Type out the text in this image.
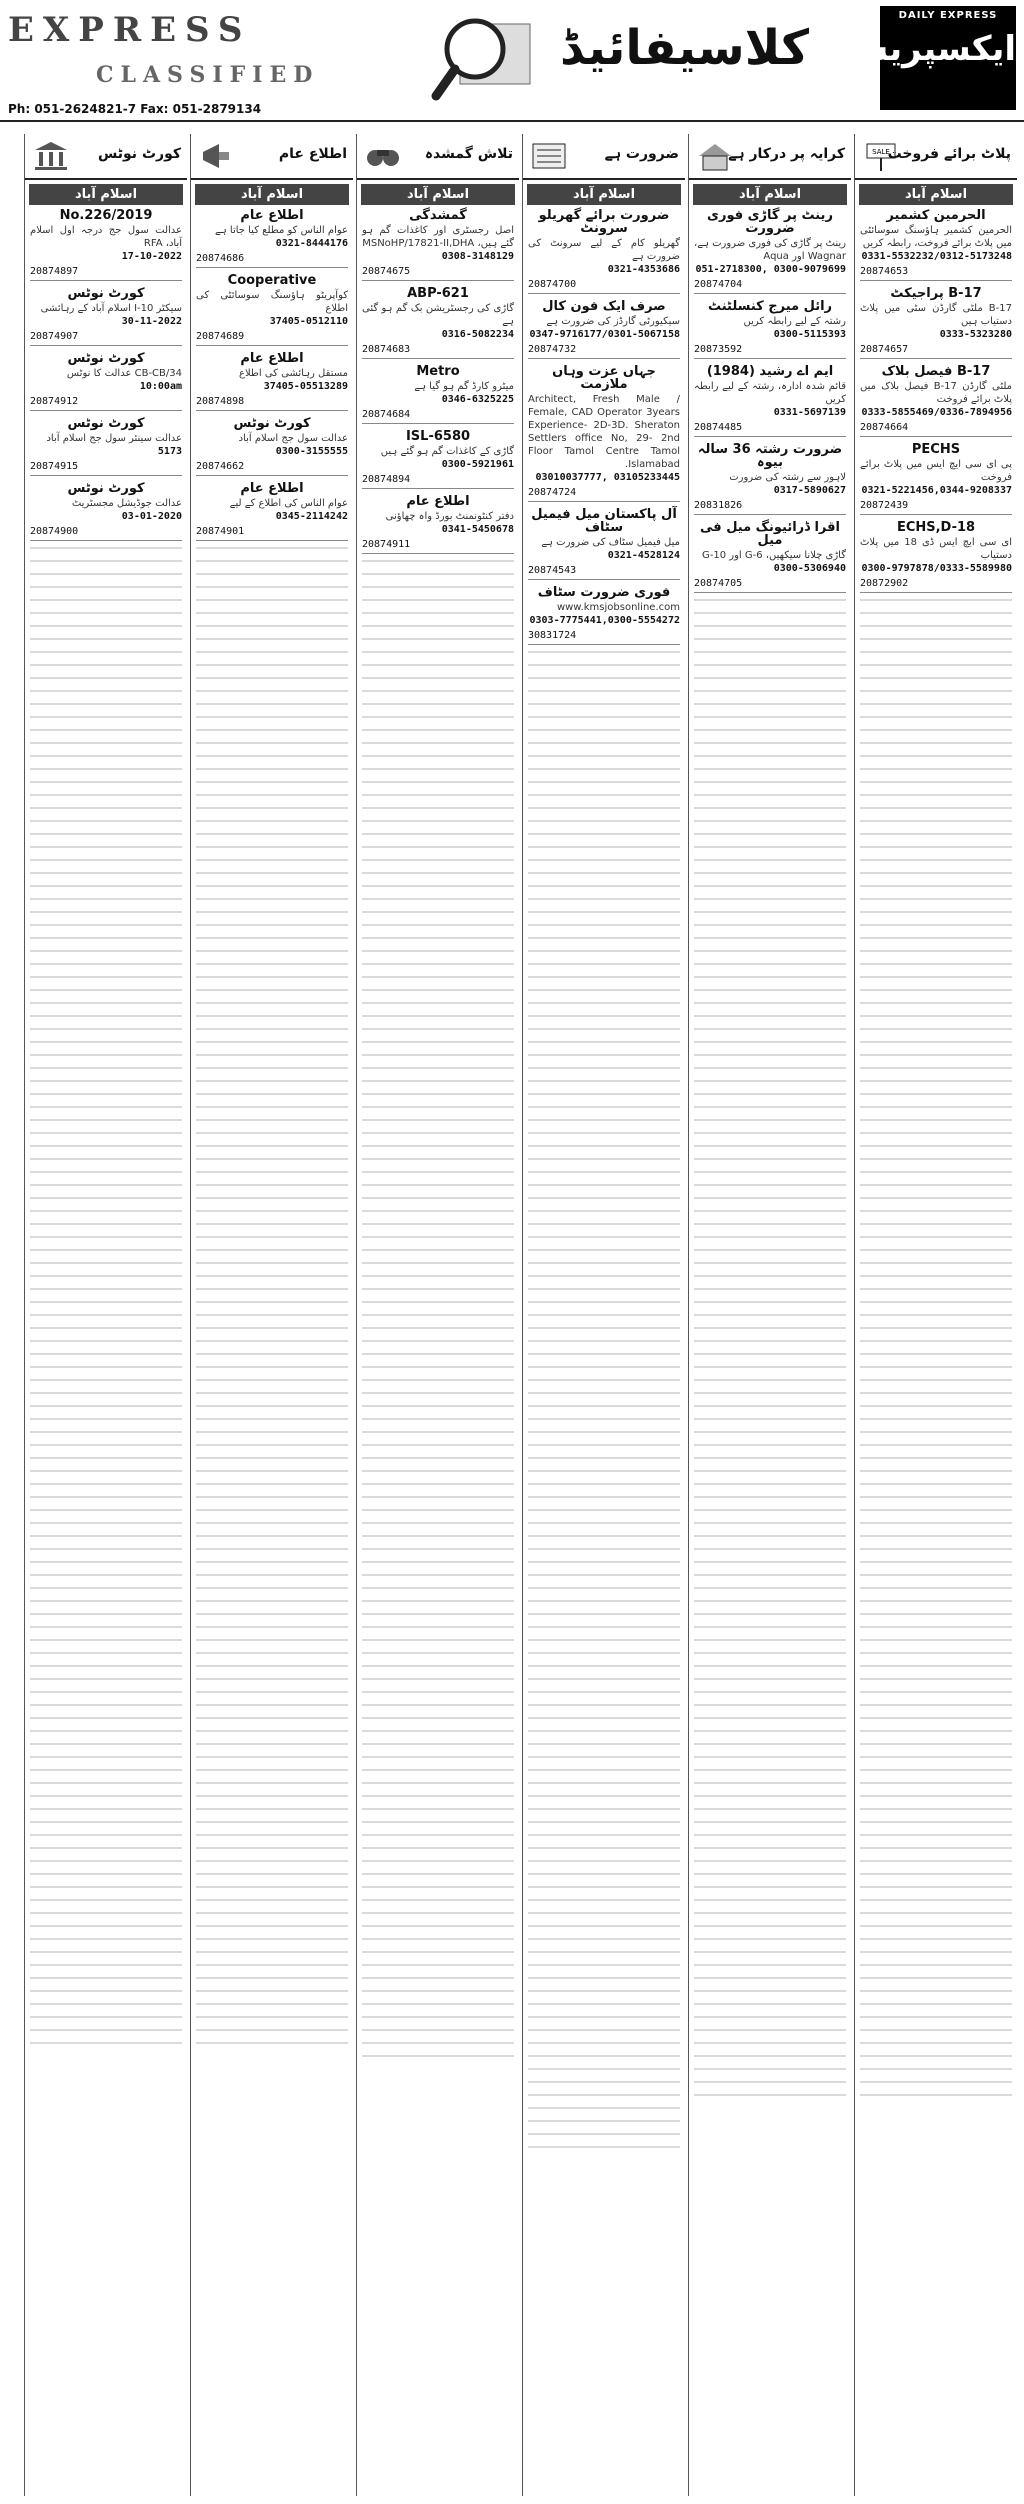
EXPRESS
CLASSIFIED
Ph: 051-2624821-7 Fax: 051-2879134
کلاسیفائیڈ
DAILY EXPRESS
ایکسپریس
SALE
پلاٹ برائے فروخت
اسلام آباد
الحرمین کشمیر
الحرمین کشمیر ہاؤسنگ سوسائٹی میں پلاٹ برائے فروخت، رابطہ کریں
0331-5532232/0312-5173248
20874653
B-17 پراجیکٹ
B-17 ملٹی گارڈن سٹی میں پلاٹ دستیاب ہیں
0333-5323280
20874657
B-17 فیصل بلاک
ملٹی گارڈن B-17 فیصل بلاک میں پلاٹ برائے فروخت
0333-5855469/0336-7894956
20874664
PECHS
پی ای سی ایچ ایس میں پلاٹ برائے فروخت
0321-5221456,0344-9208337
20872439
ECHS,D-18
ای سی ایچ ایس ڈی 18 میں پلاٹ دستیاب
0300-9797878/0333-5589980
20872902
کرایہ پر درکار ہے
اسلام آباد
رینٹ پر گاڑی فوری ضرورت
رینٹ پر گاڑی کی فوری ضرورت ہے، Wagnar اور Aqua
051-2718300, 0300-9079699
20874704
رائل میرج کنسلٹنٹ
رشتہ کے لیے رابطہ کریں
0300-5115393
20873592
ایم اے رشید (1984)
قائم شدہ ادارہ، رشتہ کے لیے رابطہ کریں
0331-5697139
20874485
ضرورت رشتہ 36 سالہ بیوہ
لاہور سے رشتہ کی ضرورت
0317-5890627
20831826
اقرا ڈرائیونگ میل فی میل
گاڑی چلانا سیکھیں، G-6 اور G-10
0300-5306940
20874705
ضرورت ہے
اسلام آباد
ضرورت برائے گھریلو سرونٹ
گھریلو کام کے لیے سرونٹ کی ضرورت ہے
0321-4353686
20874700
صرف ایک فون کال
سیکیورٹی گارڈز کی ضرورت ہے
0347-9716177/0301-5067158
20874732
جہاں عزت وہاں ملازمت
Architect, Fresh Male / Female, CAD Operator 3years Experience- 2D-3D. Sheraton Settlers office No, 29- 2nd Floor Tamol Centre Tamol Islamabad.
03010037777, 03105233445
20874724
آل پاکستان میل فیمیل سٹاف
میل فیمیل سٹاف کی ضرورت ہے
0321-4528124
20874543
فوری ضرورت سٹاف
www.kmsjobsonline.com
0303-7775441,0300-5554272
30831724
تلاش گمشدہ
اسلام آباد
گمشدگی
اصل رجسٹری اور کاغذات گم ہو گئے ہیں، MSNoHP/17821-II,DHA
0308-3148129
20874675
ABP-621
گاڑی کی رجسٹریشن بک گم ہو گئی ہے
0316-5082234
20874683
Metro
میٹرو کارڈ گم ہو گیا ہے
0346-6325225
20874684
ISL-6580
گاڑی کے کاغذات گم ہو گئے ہیں
0300-5921961
20874894
اطلاع عام
دفتر کنٹونمنٹ بورڈ واہ چھاؤنی
0341-5450678
20874911
اطلاع عام
اسلام آباد
اطلاع عام
عوام الناس کو مطلع کیا جاتا ہے
0321-8444176
20874686
Cooperative
کوآپریٹو ہاؤسنگ سوسائٹی کی اطلاع
37405-0512110
20874689
اطلاع عام
مستقل رہائشی کی اطلاع
37405-05513289
20874898
کورٹ نوٹس
عدالت سول جج اسلام آباد
0300-3155555
20874662
اطلاع عام
عوام الناس کی اطلاع کے لیے
0345-2114242
20874901
کورٹ نوٹس
اسلام آباد
No.226/2019
عدالت سول جج درجہ اول اسلام آباد، RFA
17-10-2022
20874897
کورٹ نوٹس
سیکٹر I-10 اسلام آباد کے رہائشی
30-11-2022
20874907
کورٹ نوٹس
CB-CB/34 عدالت کا نوٹس
10:00am
20874912
کورٹ نوٹس
عدالت سینئر سول جج اسلام آباد
5173
20874915
کورٹ نوٹس
عدالت جوڈیشل مجسٹریٹ
03-01-2020
20874900
